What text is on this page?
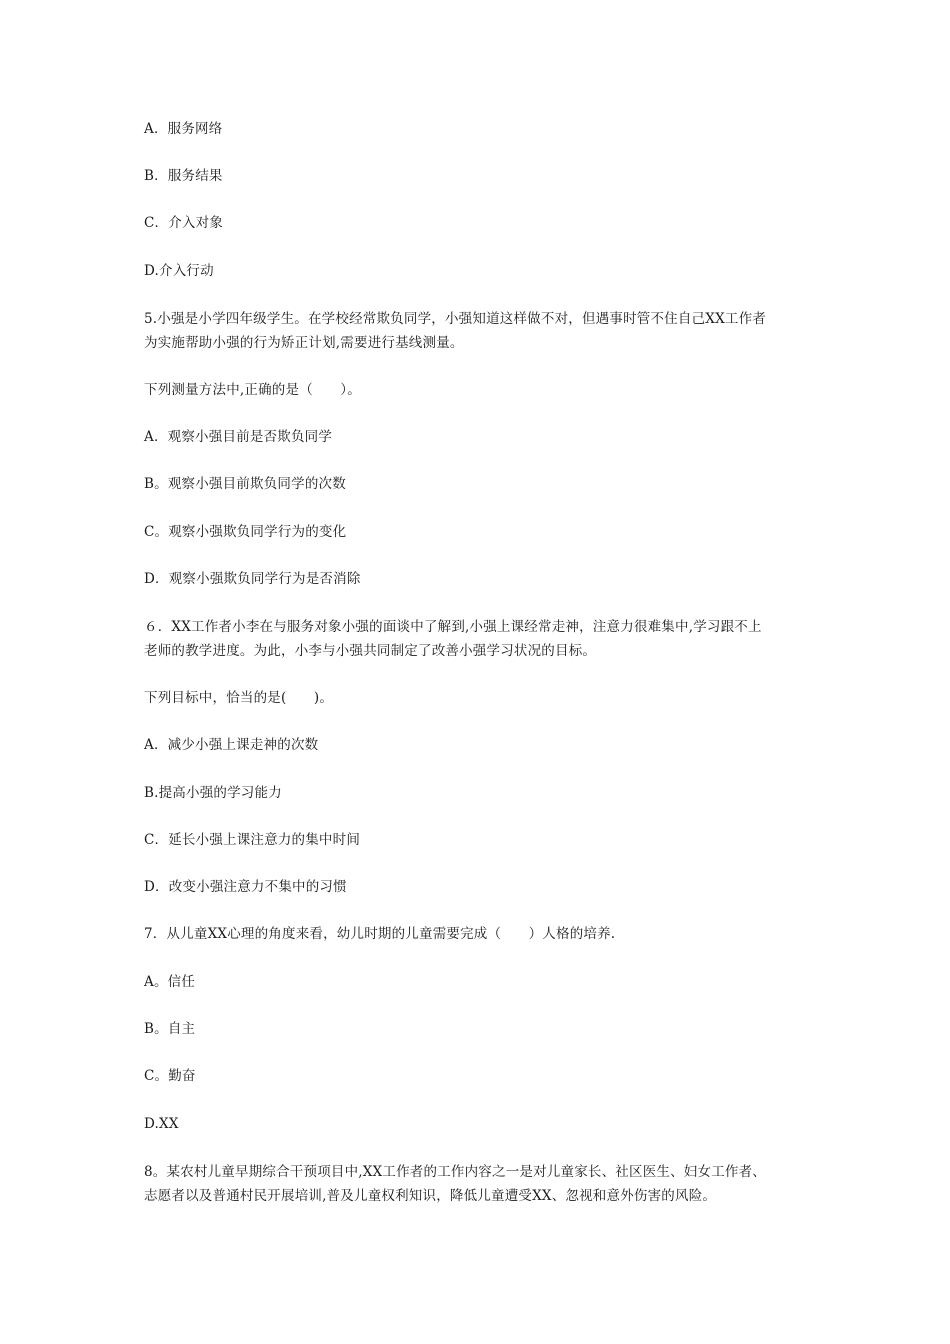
A．服务网络
B．服务结果
C．介入对象
D.介入行动
5.小强是小学四年级学生。在学校经常欺负同学，小强知道这样做不对，但遇事时管不住自己XX工作者
为实施帮助小强的行为矫正计划,需要进行基线测量。
下列测量方法中,正确的是（　　）。
A．观察小强目前是否欺负同学
B。观察小强目前欺负同学的次数
C。观察小强欺负同学行为的变化
D．观察小强欺负同学行为是否消除
６．XX工作者小李在与服务对象小强的面谈中了解到,小强上课经常走神，注意力很难集中,学习跟不上
老师的教学进度。为此，小李与小强共同制定了改善小强学习状况的目标。
下列目标中，恰当的是(　　)。
A．减少小强上课走神的次数
B.提高小强的学习能力
C．延长小强上课注意力的集中时间
D．改变小强注意力不集中的习惯
7．从儿童XX心理的角度来看，幼儿时期的儿童需要完成（　　）人格的培养.
A。信任
B。自主
C。勤奋
D.XX
8。某农村儿童早期综合干预项目中,XX工作者的工作内容之一是对儿童家长、社区医生、妇女工作者、
志愿者以及普通村民开展培训,普及儿童权利知识，降低儿童遭受XX、忽视和意外伤害的风险。
